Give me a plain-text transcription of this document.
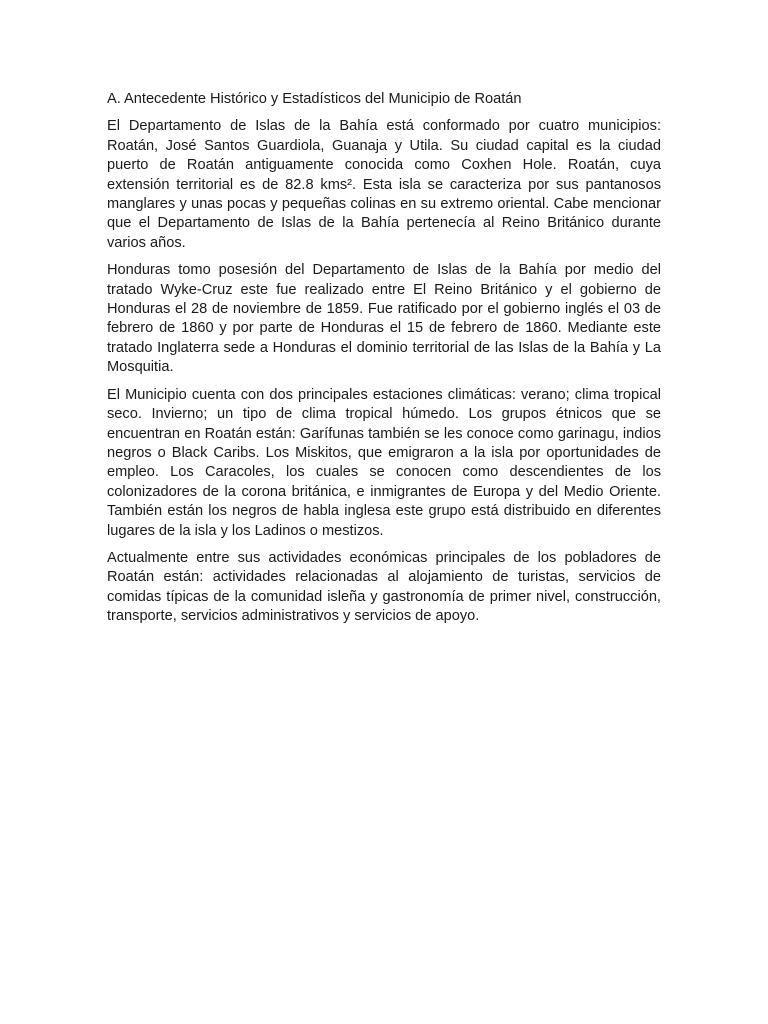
A. Antecedente Histórico y Estadísticos del Municipio de Roatán

El Departamento de Islas de la Bahía está conformado por cuatro municipios: Roatán, José Santos Guardiola, Guanaja y Utila. Su ciudad capital es la ciudad puerto de Roatán antiguamente conocida como Coxhen Hole. Roatán, cuya extensión territorial es de 82.8 kms². Esta isla se caracteriza por sus pantanosos manglares y unas pocas y pequeñas colinas en su extremo oriental. Cabe mencionar que el Departamento de Islas de la Bahía pertenecía al Reino Británico durante varios años.

Honduras tomo posesión del Departamento de Islas de la Bahía por medio del tratado Wyke-Cruz este fue realizado entre El Reino Británico y el gobierno de Honduras el 28 de noviembre de 1859. Fue ratificado por el gobierno inglés el 03 de febrero de 1860 y por parte de Honduras el 15 de febrero de 1860. Mediante este tratado Inglaterra sede a Honduras el dominio territorial de las Islas de la Bahía y La Mosquitia.

El Municipio cuenta con dos principales estaciones climáticas: verano; clima tropical seco. Invierno; un tipo de clima tropical húmedo. Los grupos étnicos que se encuentran en Roatán están: Garífunas también se les conoce como garinagu, indios negros o Black Caribs. Los Miskitos, que emigraron a la isla por oportunidades de empleo. Los Caracoles, los cuales se conocen como descendientes de los colonizadores de la corona británica, e inmigrantes de Europa y del Medio Oriente. También están los negros de habla inglesa este grupo está distribuido en diferentes lugares de la isla y los Ladinos o mestizos.

Actualmente entre sus actividades económicas principales de los pobladores de Roatán están: actividades relacionadas al alojamiento de turistas, servicios de comidas típicas de la comunidad isleña y gastronomía de primer nivel, construcción, transporte, servicios administrativos y servicios de apoyo.
